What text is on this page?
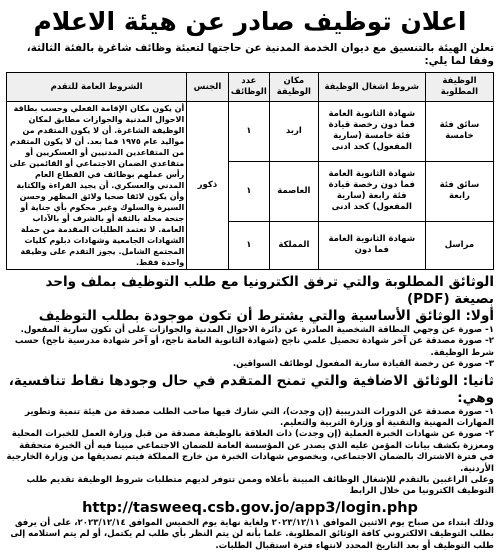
اعلان توظيف صادر عن هيئة الاعلام

تعلن الهيئة بالتنسيق مع ديوان الخدمة المدنية عن حاجتها لتعبئة وظائف شاغرة بالفئة الثالثة، وفقا لما يلي:

الوظيفة المطلوبة	شروط اشغال الوظيفة	مكان الوظيفة	عدد الوظائف	الجنس	الشروط العامة للتقدم
سائق فئة خامسة	شهادة الثانوية العامة فما دون رخصة قيادة فئة خامسة (سارية المفعول) كحد ادنى	اربد	١	ذكور	أن يكون مكان الإقامة الفعلي وحسب بطاقة الاحوال المدنية والجوازات مطابق لمكان الوظيفة الشاغرة. أن لا يكون المتقدم من مواليد عام ١٩٧٥ فما بعد. أن لا يكون المتقدم من المتقاعدين المدنيين أو العسكريين أو متقاعدي الضمان الاجتماعي أو القائمين على رأس عملهم بوظائف في القطاع العام المدني والعسكري. أن يجيد القراءة والكتابة وأن يكون لائقا صحيا ولائق المظهر وحسن السيرة والسلوك وغير محكوم بأي جناية أو جنحة مخلة بالثقة أو بالشرف أو بالآداب العامة. لا تعتمد الطلبات المقدمة من حملة الشهادات الجامعية وشهادات دبلوم كليات المجتمع الشامل. يجوز التقدم على وظيفة واحدة فقط.
سائق فئة رابعة	شهادة الثانوية العامة فما دون رخصة قيادة فئة رابعة (سارية المفعول) كحد ادنى	العاصمة	١		
مراسل	شهادة الثانوية العامة فما دون	المملكة	١		

الوثائق المطلوبة والتي ترفق الكترونيا مع طلب التوظيف بملف واحد بصيغة (PDF)

أولا: الوثائق الأساسية والتي يشترط أن تكون موجودة بطلب التوظيف

١- صورة عن وجهي البطاقة الشخصية الصادرة عن دائرة الاحوال المدنية والجوازات على أن تكون سارية المفعول.

٢- صورة مصدقة عن آخر شهادة تحصيل علمي ناجح (شهادة الثانوية العامة ناجح، أو آخر شهادة مدرسية ناجح) حسب شرط الوظيفة.

٣- صورة عن رخصة القيادة سارية المفعول لوظائف السواقين.

ثانيا: الوثائق الاضافية والتي تمنح المتقدم في حال وجودها نقاط تنافسية، وهي:

١- صورة مصدقة عن الدورات التدريبية (إن وجدت)، التي شارك فيها صاحب الطلب مصدقة من هيئة تنمية وتطوير المهارات المهنية والتقنية أو وزارة التربية والتعليم.

٢- صورة عن شهادات الخبرة العملية (إن وجدت) ذات العلاقة بالوظيفة مصدقة من قبل وزارة العمل للخبرات المحلية ومعززة بكشف بيانات المؤمن عليه الذي يصدر عن المؤسسة العامة للضمان الاجتماعي مبينا فيه أن الخبرة متحققة في فترة الاشتراك بالضمان الاجتماعي، وبخصوص شهادات الخبرة من خارج المملكة فيتم تصديقها من وزارة الخارجية الأردنية.

وعلى الراغبين بالتقدم للإشغال الوظائف المبينة بأعلاه وممن تتوفر لديهم متطلبات شروط الوظيفة تقديم طلب التوظيف الكترونيا من خلال الرابط

http://tasweeq.csb.gov.jo/app3/login.php

وذلك ابتداء من صباح يوم الاثنين الموافق ٢٠٢٣/١٢/١١ ولغاية نهاية يوم الخميس الموافق ٢٠٢٣/١٢/١٤، على أن يرفق بطلب التوظيف الالكتروني كافة الوثائق المطلوبة. علما بأنه لن يتم النظر بأي طلب لم يكتمل، أو لم يتم استلامه إلى طلب التوظيف أو بعد التاريخ المحدد لانتهاء فترة استقبال الطلبات.
